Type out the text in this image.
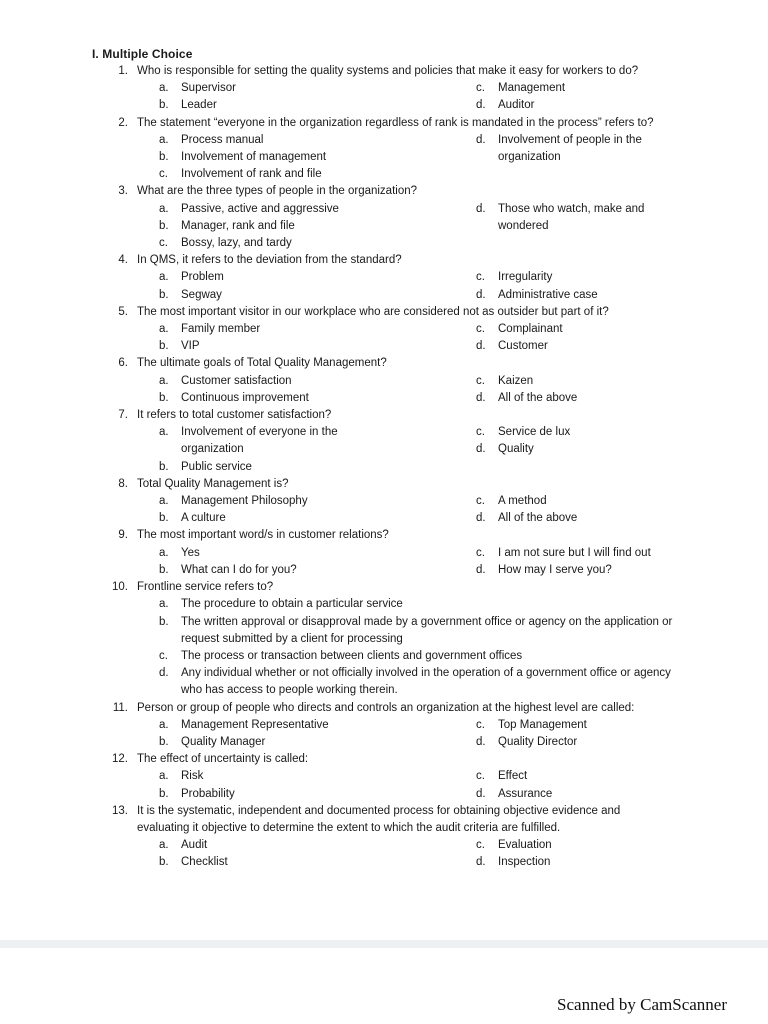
I. Multiple Choice
1. Who is responsible for setting the quality systems and policies that make it easy for workers to do?
a. Supervisor
b. Leader
c. Management
d. Auditor
2. The statement “everyone in the organization regardless of rank is mandated in the process” refers to?
a. Process manual
b. Involvement of management
c. Involvement of rank and file
d. Involvement of people in the organization
3. What are the three types of people in the organization?
a. Passive, active and aggressive
b. Manager, rank and file
c. Bossy, lazy, and tardy
d. Those who watch, make and wondered
4. In QMS, it refers to the deviation from the standard?
a. Problem
b. Segway
c. Irregularity
d. Administrative case
5. The most important visitor in our workplace who are considered not as outsider but part of it?
a. Family member
b. VIP
c. Complainant
d. Customer
6. The ultimate goals of Total Quality Management?
a. Customer satisfaction
b. Continuous improvement
c. Kaizen
d. All of the above
7. It refers to total customer satisfaction?
a. Involvement of everyone in the organization
b. Public service
c. Service de lux
d. Quality
8. Total Quality Management is?
a. Management Philosophy
b. A culture
c. A method
d. All of the above
9. The most important word/s in customer relations?
a. Yes
b. What can I do for you?
c. I am not sure but I will find out
d. How may I serve you?
10. Frontline service refers to?
a. The procedure to obtain a particular service
b. The written approval or disapproval made by a government office or agency on the application or request submitted by a client for processing
c. The process or transaction between clients and government offices
d. Any individual whether or not officially involved in the operation of a government office or agency who has access to people working therein.
11. Person or group of people who directs and controls an organization at the highest level are called:
a. Management Representative
b. Quality Manager
c. Top Management
d. Quality Director
12. The effect of uncertainty is called:
a. Risk
b. Probability
c. Effect
d. Assurance
13. It is the systematic, independent and documented process for obtaining objective evidence and evaluating it objective to determine the extent to which the audit criteria are fulfilled.
a. Audit
b. Checklist
c. Evaluation
d. Inspection
Scanned by CamScanner
